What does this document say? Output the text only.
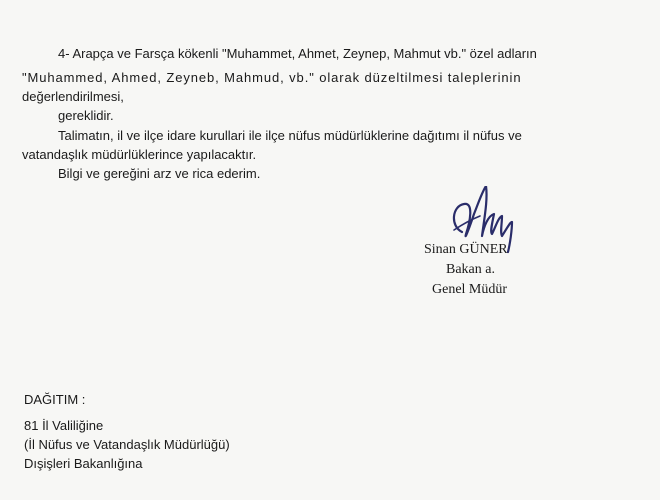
4- Arapça ve Farsça kökenli "Muhammet, Ahmet, Zeynep, Mahmut vb." özel adların
"Muhammed, Ahmed, Zeyneb, Mahmud, vb." olarak düzeltilmesi taleplerinin
değerlendirilmesi,
gereklidir.
Talimatın, il ve ilçe idare kurullari ile ilçe nüfus müdürlüklerine dağıtımı il nüfus ve
vatandaşlık müdürlüklerince yapılacaktır.
Bilgi ve gereğini arz ve rica ederim.
Sinan GÜNER
Bakan a.
Genel Müdür
DAĞITIM :
81 İl Valiliğine
(İl Nüfus ve Vatandaşlık Müdürlüğü)
Dışişleri Bakanlığına
